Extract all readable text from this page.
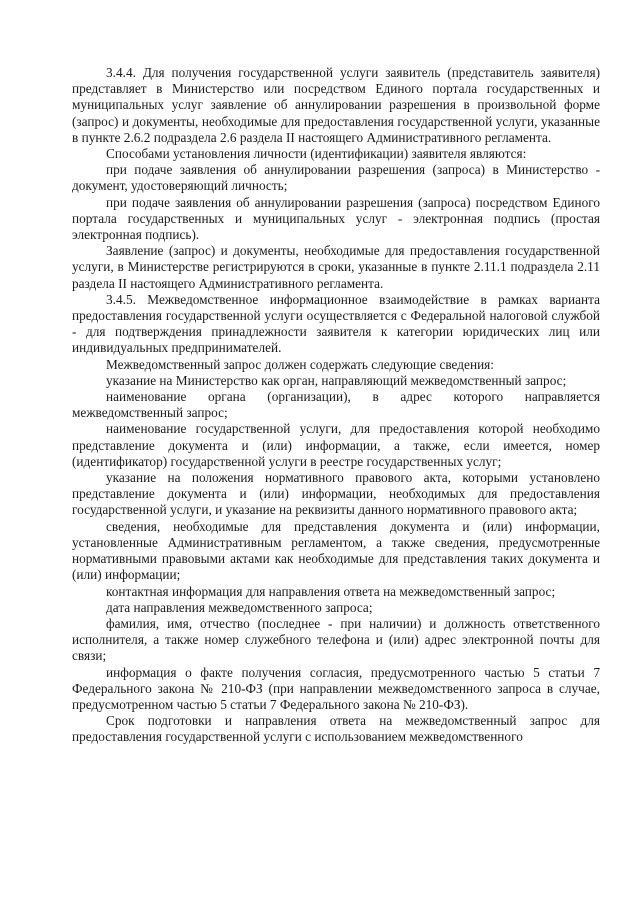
3.4.4. Для получения государственной услуги заявитель (представитель заявителя) представляет в Министерство или посредством Единого портала государственных и муниципальных услуг заявление об аннулировании разрешения в произвольной форме (запрос) и документы, необходимые для предоставления государственной услуги, указанные в пункте 2.6.2 подраздела 2.6 раздела II настоящего Административного регламента.

Способами установления личности (идентификации) заявителя являются:

при подаче заявления об аннулировании разрешения (запроса) в Министерство - документ, удостоверяющий личность;

при подаче заявления об аннулировании разрешения (запроса) посредством Единого портала государственных и муниципальных услуг - электронная подпись (простая электронная подпись).

Заявление (запрос) и документы, необходимые для предоставления государственной услуги, в Министерстве регистрируются в сроки, указанные в пункте 2.11.1 подраздела 2.11 раздела II настоящего Административного регламента.

3.4.5. Межведомственное информационное взаимодействие в рамках варианта предоставления государственной услуги осуществляется с Федеральной налоговой службой - для подтверждения принадлежности заявителя к категории юридических лиц или индивидуальных предпринимателей.

Межведомственный запрос должен содержать следующие сведения:

указание на Министерство как орган, направляющий межведомственный запрос;

наименование органа (организации), в адрес которого направляется межведомственный запрос;

наименование государственной услуги, для предоставления которой необходимо представление документа и (или) информации, а также, если имеется, номер (идентификатор) государственной услуги в реестре государственных услуг;

указание на положения нормативного правового акта, которыми установлено представление документа и (или) информации, необходимых для предоставления государственной услуги, и указание на реквизиты данного нормативного правового акта;

сведения, необходимые для представления документа и (или) информации, установленные Административным регламентом, а также сведения, предусмотренные нормативными правовыми актами как необходимые для представления таких документа и (или) информации;

контактная информация для направления ответа на межведомственный запрос;

дата направления межведомственного запроса;

фамилия, имя, отчество (последнее - при наличии) и должность ответственного исполнителя, а также номер служебного телефона и (или) адрес электронной почты для связи;

информация о факте получения согласия, предусмотренного частью 5 статьи 7 Федерального закона № 210-ФЗ (при направлении межведомственного запроса в случае, предусмотренном частью 5 статьи 7 Федерального закона № 210-ФЗ).

Срок подготовки и направления ответа на межведомственный запрос для предоставления государственной услуги с использованием межведомственного
